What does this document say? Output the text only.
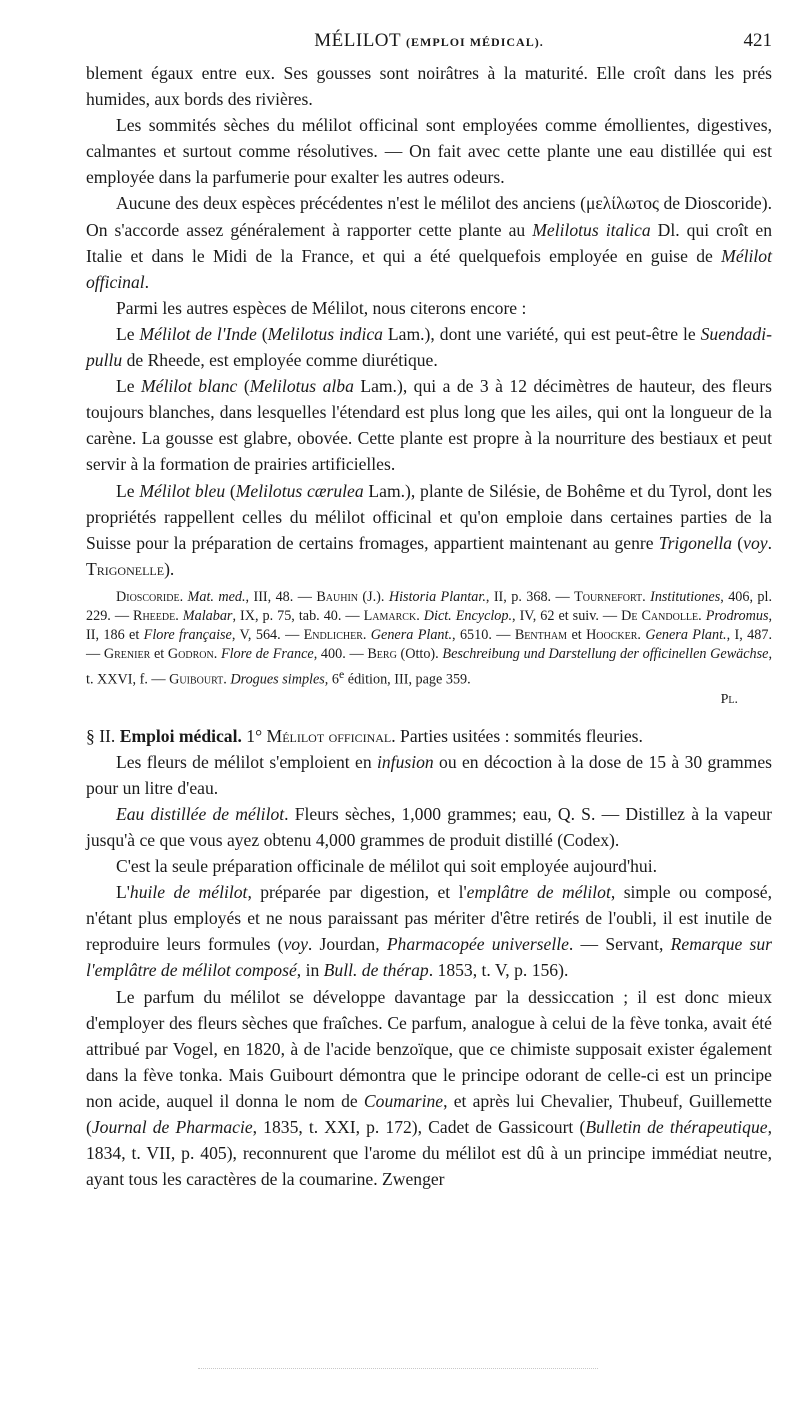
MÉLILOT (EMPLOI MÉDICAL).	421

blement égaux entre eux. Ses gousses sont noirâtres à la maturité. Elle croît dans les prés humides, aux bords des rivières.

Les sommités sèches du mélilot officinal sont employées comme émollientes, digestives, calmantes et surtout comme résolutives. — On fait avec cette plante une eau distillée qui est employée dans la parfumerie pour exalter les autres odeurs.

Aucune des deux espèces précédentes n'est le mélilot des anciens (μελίλωτος de Dioscoride). On s'accorde assez généralement à rapporter cette plante au Melilotus italica Dl. qui croît en Italie et dans le Midi de la France, et qui a été quelquefois employée en guise de Mélilot officinal.

Parmi les autres espèces de Mélilot, nous citerons encore :

Le Mélilot de l'Inde (Melilotus indica Lam.), dont une variété, qui est peut-être le Suendadi-pullu de Rheede, est employée comme diurétique.

Le Mélilot blanc (Melilotus alba Lam.), qui a de 3 à 12 décimètres de hauteur, des fleurs toujours blanches, dans lesquelles l'étendard est plus long que les ailes, qui ont la longueur de la carène. La gousse est glabre, obovée. Cette plante est propre à la nourriture des bestiaux et peut servir à la formation de prairies artificielles.

Le Mélilot bleu (Melilotus cærulea Lam.), plante de Silésie, de Bohême et du Tyrol, dont les propriétés rappellent celles du mélilot officinal et qu'on emploie dans certaines parties de la Suisse pour la préparation de certains fromages, appartient maintenant au genre Trigonella (voy. Trigonelle).

Dioscoride. Mat. med., III, 48. — Bauhin (J.). Historia Plantar., II, p. 368. — Tournefort. Institutiones, 406, pl. 229. — Rheede. Malabar, IX, p. 75, tab. 40. — Lamarck. Dict. Encyclop., IV, 62 et suiv. — De Candolle. Prodromus, II, 186 et Flore française, V, 564. — Endlicher. Genera Plant., 6510. — Bentham et Hoocker. Genera Plant., I, 487. — Grenier et Godron. Flore de France, 400. — Berg (Otto). Beschreibung und Darstellung der officinellen Gewächse, t. XXVI, f. — Guibourt. Drogues simples, 6e édition, III, page 359.

Pl.

§ II. Emploi médical. 1° Mélilot officinal. Parties usitées : sommités fleuries.

Les fleurs de mélilot s'emploient en infusion ou en décoction à la dose de 15 à 30 grammes pour un litre d'eau.

Eau distillée de mélilot. Fleurs sèches, 1,000 grammes; eau, Q. S. — Distillez à la vapeur jusqu'à ce que vous ayez obtenu 4,000 grammes de produit distillé (Codex).

C'est la seule préparation officinale de mélilot qui soit employée aujourd'hui.

L'huile de mélilot, préparée par digestion, et l'emplâtre de mélilot, simple ou composé, n'étant plus employés et ne nous paraissant pas mériter d'être retirés de l'oubli, il est inutile de reproduire leurs formules (voy. Jourdan, Pharmacopée universelle. — Servant, Remarque sur l'emplâtre de mélilot composé, in Bull. de thérap. 1853, t. V, p. 156).

Le parfum du mélilot se développe davantage par la dessiccation ; il est donc mieux d'employer des fleurs sèches que fraîches. Ce parfum, analogue à celui de la fève tonka, avait été attribué par Vogel, en 1820, à de l'acide benzoïque, que ce chimiste supposait exister également dans la fève tonka. Mais Guibourt démontra que le principe odorant de celle-ci est un principe non acide, auquel il donna le nom de Coumarine, et après lui Chevalier, Thubeuf, Guillemette (Journal de Pharmacie, 1835, t. XXI, p. 172), Cadet de Gassicourt (Bulletin de thérapeutique, 1834, t. VII, p. 405), reconnurent que l'arome du mélilot est dû à un principe immédiat neutre, ayant tous les caractères de la coumarine. Zwenger
